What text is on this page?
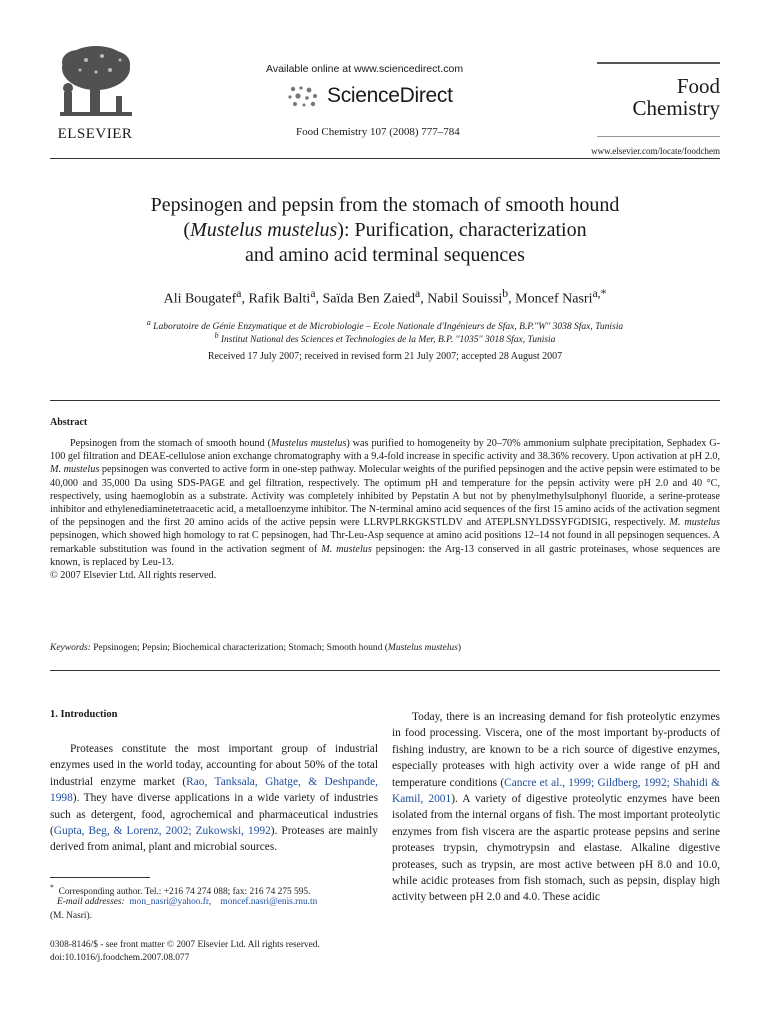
ELSEVIER
Available online at www.sciencedirect.com
ScienceDirect
Food Chemistry 107 (2008) 777–784
Food
Chemistry
www.elsevier.com/locate/foodchem
Pepsinogen and pepsin from the stomach of smooth hound
(Mustelus mustelus): Purification, characterization
and amino acid terminal sequences
Ali Bougatef$^a$, Rafik Balti$^a$, Saïda Ben Zaied$^a$, Nabil Souissi$^b$, Moncef Nasri$^{a,*}$
$^a$ Laboratoire de Génie Enzymatique et de Microbiologie – Ecole Nationale d'Ingénieurs de Sfax, B.P.''W'' 3038 Sfax, Tunisia
$^b$ Institut National des Sciences et Technologies de la Mer, B.P. ''1035'' 3018 Sfax, Tunisia
Received 17 July 2007; received in revised form 21 July 2007; accepted 28 August 2007
Abstract

Pepsinogen from the stomach of smooth hound (Mustelus mustelus) was purified to homogeneity by 20–70% ammonium sulphate precipitation, Sephadex G-100 gel filtration and DEAE-cellulose anion exchange chromatography with a 9.4-fold increase in specific activity and 38.36% recovery. Upon activation at pH 2.0, M. mustelus pepsinogen was converted to active form in one-step pathway. Molecular weights of the purified pepsinogen and the active pepsin were estimated to be 40,000 and 35,000 Da using SDS-PAGE and gel filtration, respectively. The optimum pH and temperature for the pepsin activity were pH 2.0 and 40 °C, respectively, using haemoglobin as a substrate. Activity was completely inhibited by Pepstatin A but not by phenylmethylsulphonyl fluoride, a serine-protease inhibitor and ethylenediaminetetraacetic acid, a metalloenzyme inhibitor. The N-terminal amino acid sequences of the first 15 amino acids of the activation segment of the pepsinogen and the first 20 amino acids of the active pepsin were LLRVPLRKGKSTLDV and ATEPLSNYLDSSYFGDISIG, respectively. M. mustelus pepsinogen, which showed high homology to rat C pepsinogen, had Thr-Leu-Asp sequence at amino acid positions 12–14 not found in all pepsinogen sequences. A remarkable substitution was found in the activation segment of M. mustelus pepsinogen: the Arg-13 conserved in all gastric proteinases, whose sequences are known, is replaced by Leu-13.

© 2007 Elsevier Ltd. All rights reserved.
Keywords: Pepsinogen; Pepsin; Biochemical characterization; Stomach; Smooth hound (Mustelus mustelus)
1. Introduction

Proteases constitute the most important group of industrial enzymes used in the world today, accounting for about 50% of the total industrial enzyme market (Rao, Tanksala, Ghatge, & Deshpande, 1998). They have diverse applications in a wide variety of industries such as detergent, food, agrochemical and pharmaceutical industries (Gupta, Beg, & Lorenz, 2002; Zukowski, 1992). Proteases are mainly derived from animal, plant and microbial sources.

Today, there is an increasing demand for fish proteolytic enzymes in food processing. Viscera, one of the most important by-products of fishing industry, are known to be a rich source of digestive enzymes, especially proteases with high activity over a wide range of pH and temperature conditions (Cancre et al., 1999; Gildberg, 1992; Shahidi & Kamil, 2001). A variety of digestive proteolytic enzymes have been isolated from the internal organs of fish. The most important proteolytic enzymes from fish viscera are the aspartic protease pepsins and serine proteases trypsin, chymotrypsin and elastase. Alkaline digestive proteases, such as trypsin, are most active between pH 8.0 and 10.0, while acidic proteases from fish stomach, such as pepsin, display high activity between pH 2.0 and 4.0. These acidic

* Corresponding author. Tel.: +216 74 274 088; fax: 216 74 275 595.
E-mail addresses: mon_nasri@yahoo.fr, moncef.nasri@enis.rnu.tn
(M. Nasri).
0308-8146/$ - see front matter © 2007 Elsevier Ltd. All rights reserved.
doi:10.1016/j.foodchem.2007.08.077
